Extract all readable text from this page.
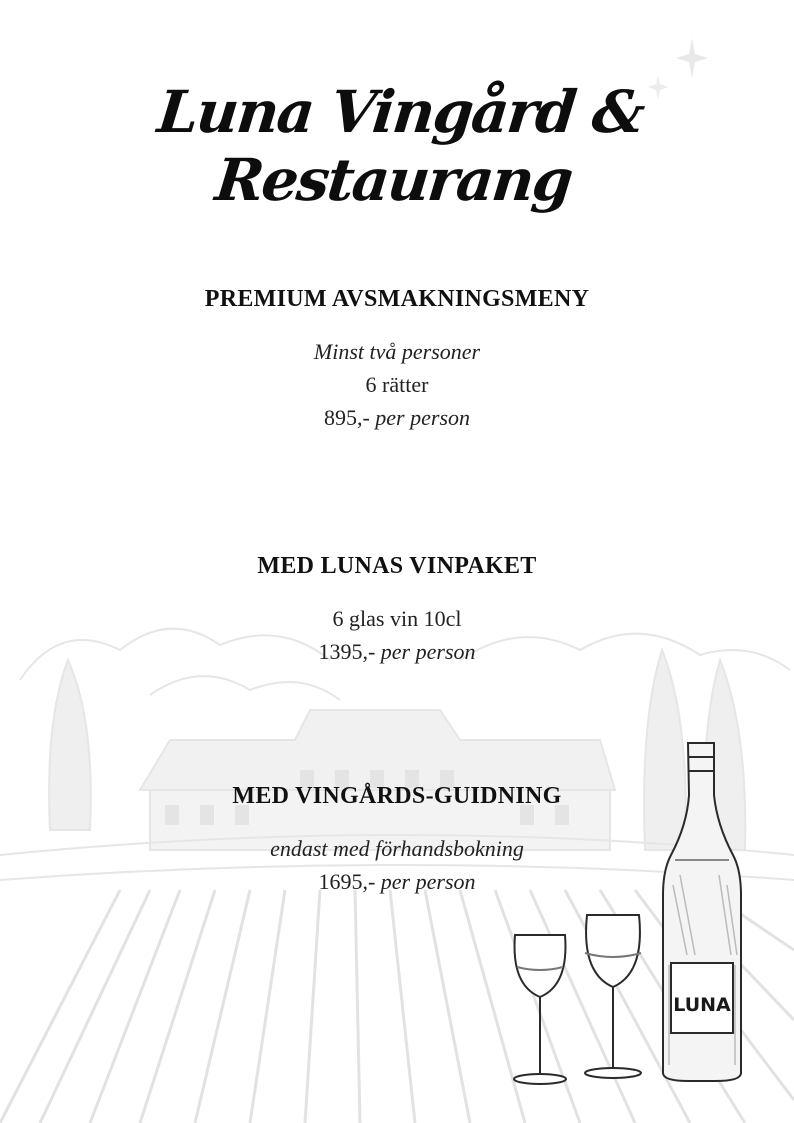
Luna Vingård & Restaurang
PREMIUM AVSMAKNINGSMENY
Minst två personer
6 rätter
895,- per person
MED LUNAS VINPAKET
6 glas vin 10cl
1395,- per person
MED VINGÅRDS-GUIDNING
endast med förhandsbokning
1695,- per person
LUNA
